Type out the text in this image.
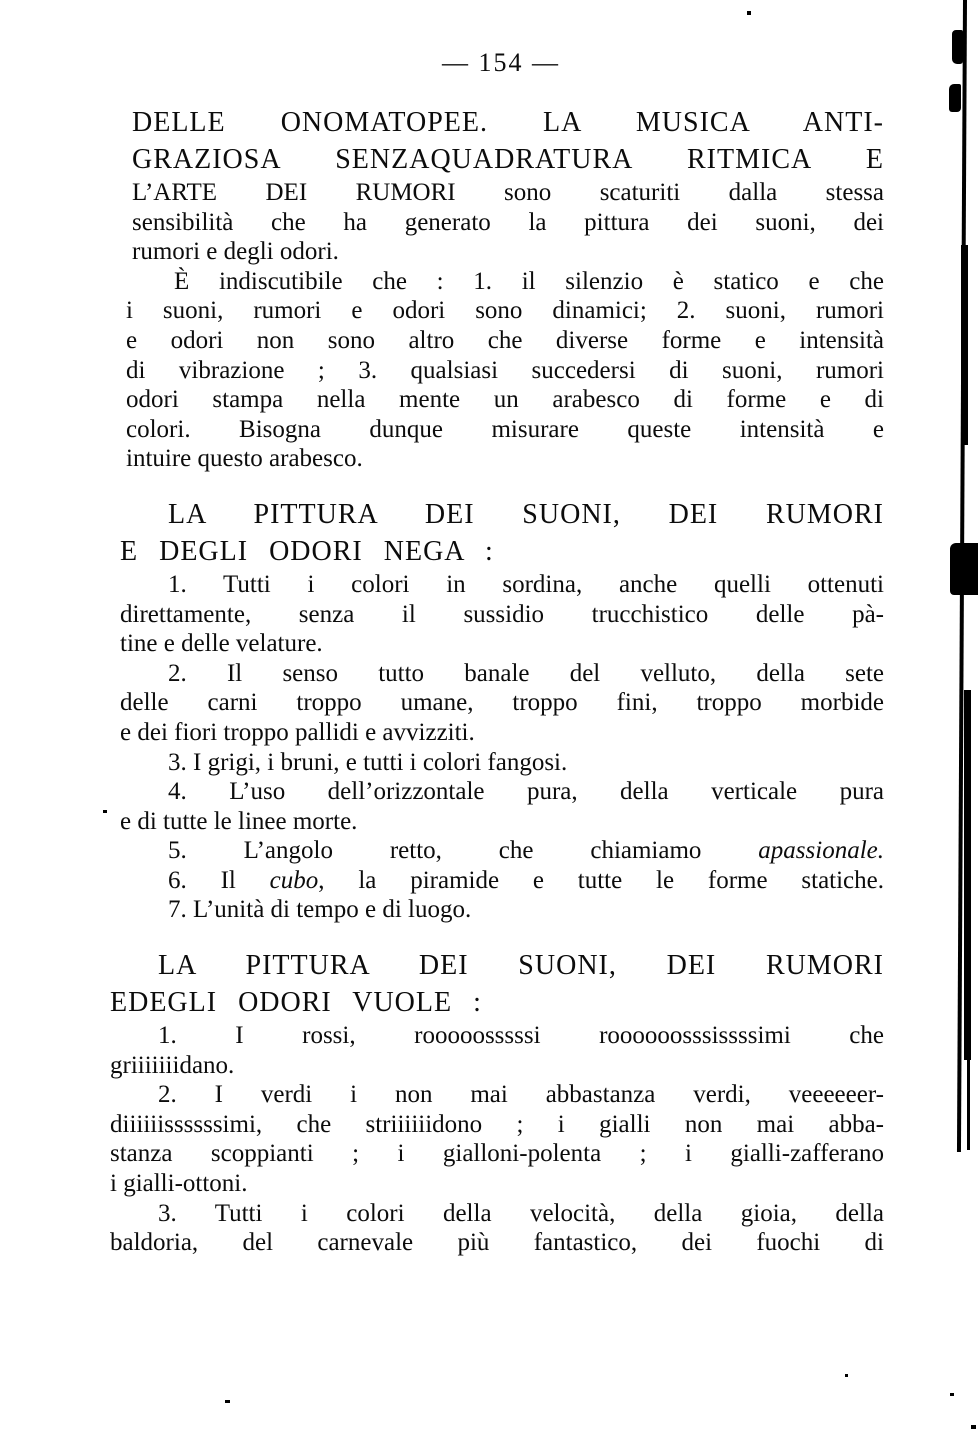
— 154 —
DELLE ONOMATOPEE. LA MUSICA ANTI-
GRAZIOSA SENZAQUADRATURA RITMICA E
L’ARTE DEI RUMORI sono scaturiti dalla stessa
sensibilità che ha generato la pittura dei suoni, dei
rumori e degli odori.
È indiscutibile che : 1. il silenzio è statico e che
i suoni, rumori e odori sono dinamici; 2. suoni, rumori
e odori non sono altro che diverse forme e intensità
di vibrazione ; 3. qualsiasi succedersi di suoni, rumori
odori stampa nella mente un arabesco di forme e di
colori. Bisogna dunque misurare queste intensità e
intuire questo arabesco.
LA PITTURA DEI SUONI, DEI RUMORI
E DEGLI ODORI NEGA :
1. Tutti i colori in sordina, anche quelli ottenuti
direttamente, senza il sussidio trucchistico delle pà-
tine e delle velature.
2. Il senso tutto banale del velluto, della sete
delle carni troppo umane, troppo fini, troppo morbide
e dei fiori troppo pallidi e avvizziti.
3. I grigi, i bruni, e tutti i colori fangosi.
4. L’uso dell’orizzontale pura, della verticale pura
e di tutte le linee morte.
5. L’angolo retto, che chiamiamo apassionale.
6. Il cubo, la piramide e tutte le forme statiche.
7. L’unità di tempo e di luogo.
LA PITTURA DEI SUONI, DEI RUMORI
EDEGLI ODORI VUOLE :
1. I rossi, rooooosssssi roooooosssissssimi che
griiiiiiidano.
2. I verdi i non mai abbastanza verdi, veeeeeer-
diiiiiissssssimi, che striiiiiidono ; i gialli non mai abba-
stanza scoppianti ; i gialloni-polenta ; i gialli-zafferano
i gialli-ottoni.
3. Tutti i colori della velocità, della gioia, della
baldoria, del carnevale più fantastico, dei fuochi di
